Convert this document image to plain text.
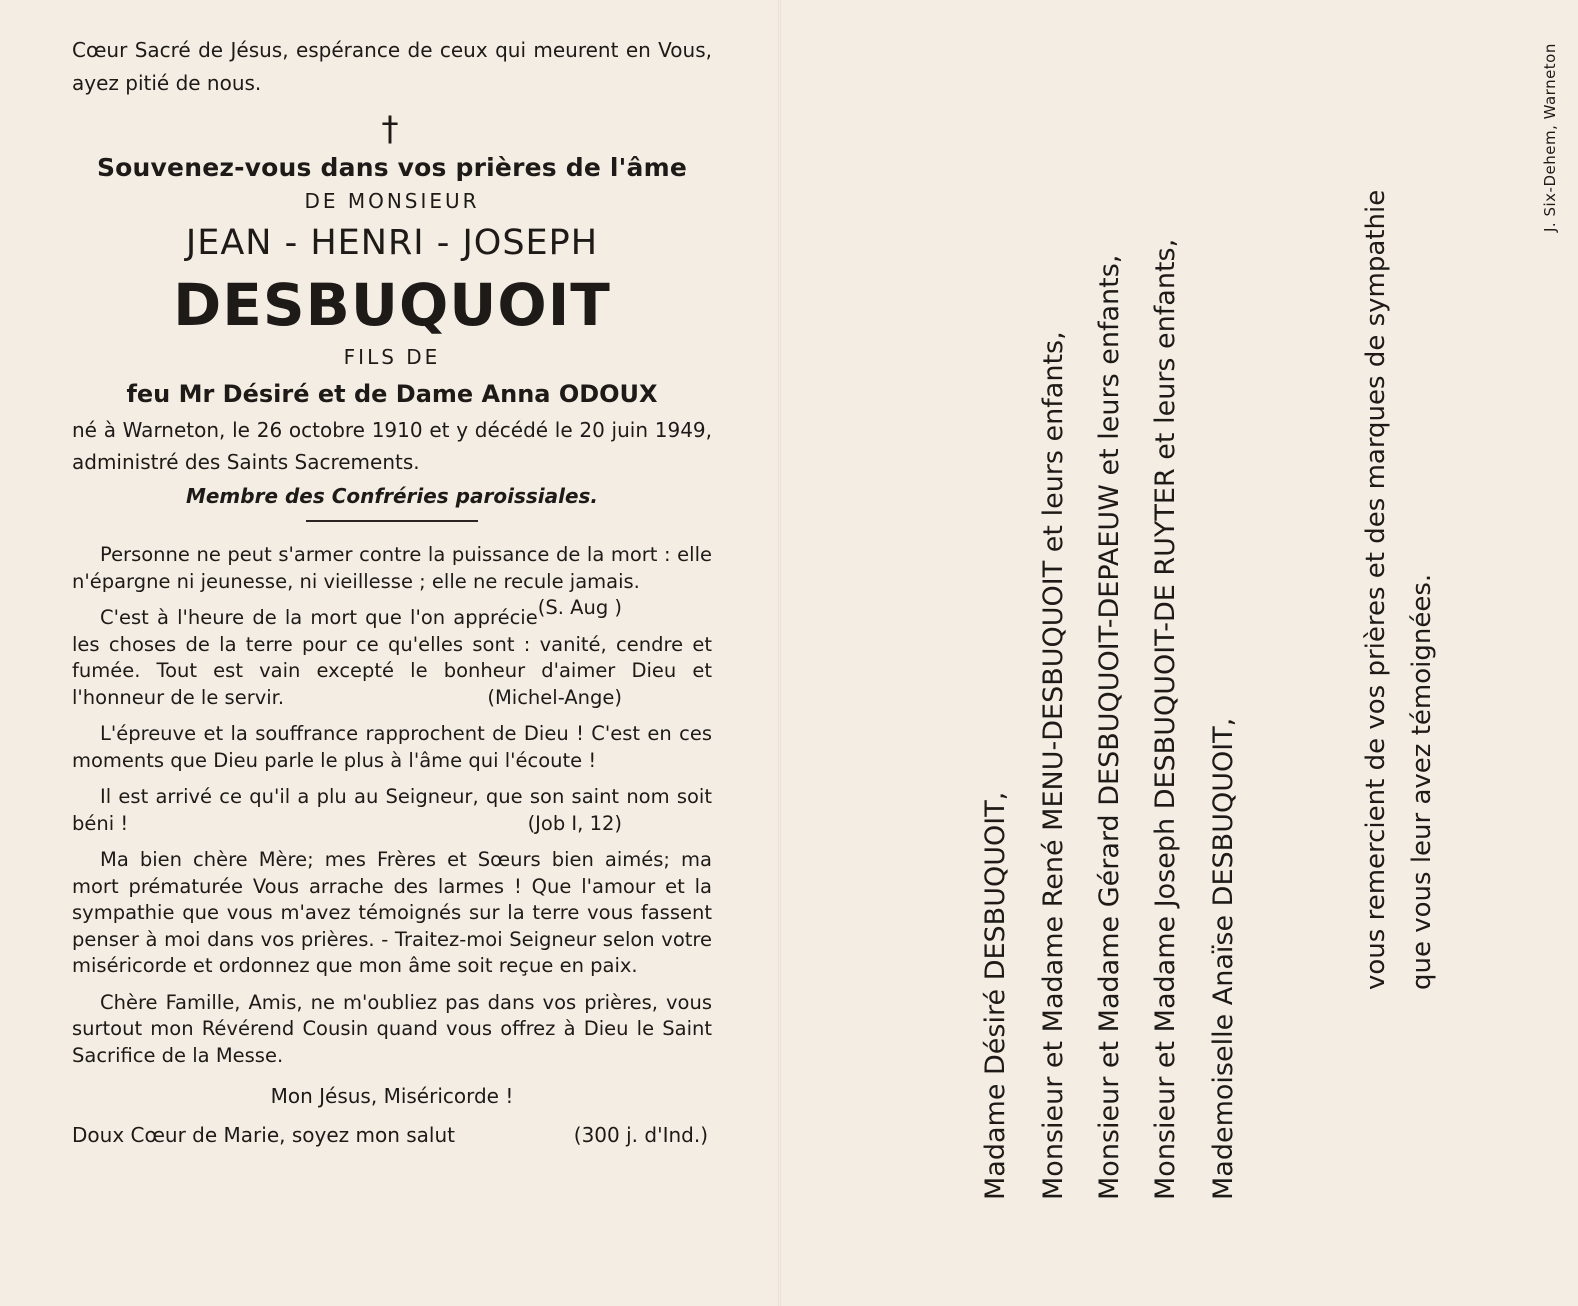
Cœur Sacré de Jésus, espérance de ceux qui meurent en Vous, ayez pitié de nous.
†
Souvenez-vous dans vos prières de l'âme
DE MONSIEUR
JEAN - HENRI - JOSEPH
DESBUQUOIT
FILS DE
feu Mr Désiré et de Dame Anna ODOUX
né à Warneton, le 26 octobre 1910 et y décédé le 20 juin 1949, administré des Saints Sacrements.
Membre des Confréries paroissiales.
Personne ne peut s'armer contre la puissance de la mort : elle n'épargne ni jeunesse, ni vieillesse ; elle ne recule jamais.
(S. Aug )
C'est à l'heure de la mort que l'on apprécie les choses de la terre pour ce qu'elles sont : vanité, cendre et fumée. Tout est vain excepté le bonheur d'aimer Dieu et l'honneur de le servir.	(Michel-Ange)
L'épreuve et la souffrance rapprochent de Dieu ! C'est en ces moments que Dieu parle le plus à l'âme qui l'écoute !
Il est arrivé ce qu'il a plu au Seigneur, que son saint nom soit béni !	(Job I, 12)
Ma bien chère Mère; mes Frères et Sœurs bien aimés; ma mort prématurée Vous arrache des larmes ! Que l'amour et la sympathie que vous m'avez témoignés sur la terre vous fassent penser à moi dans vos prières. - Traitez-moi Seigneur selon votre miséricorde et ordonnez que mon âme soit reçue en paix.
Chère Famille, Amis, ne m'oubliez pas dans vos prières, vous surtout mon Révérend Cousin quand vous offrez à Dieu le Saint Sacrifice de la Messe.
Mon Jésus, Miséricorde !
Doux Cœur de Marie, soyez mon salut	(300 j. d'Ind.)	Madame Désiré DESBUQUOIT, Monsieur et Madame René MENU-DESBUQUOIT et leurs enfants, Monsieur et Madame Gérard DESBUQUOIT-DEPAEUW et leurs enfants, Monsieur et Madame Joseph DESBUQUOIT-DE RUYTER et leurs enfants, Mademoiselle Anaïse DESBUQUOIT,	vous remercient de vos prières et des marques de sympathie que vous leur avez témoignées.
J. Six-Dehem, Warneton
